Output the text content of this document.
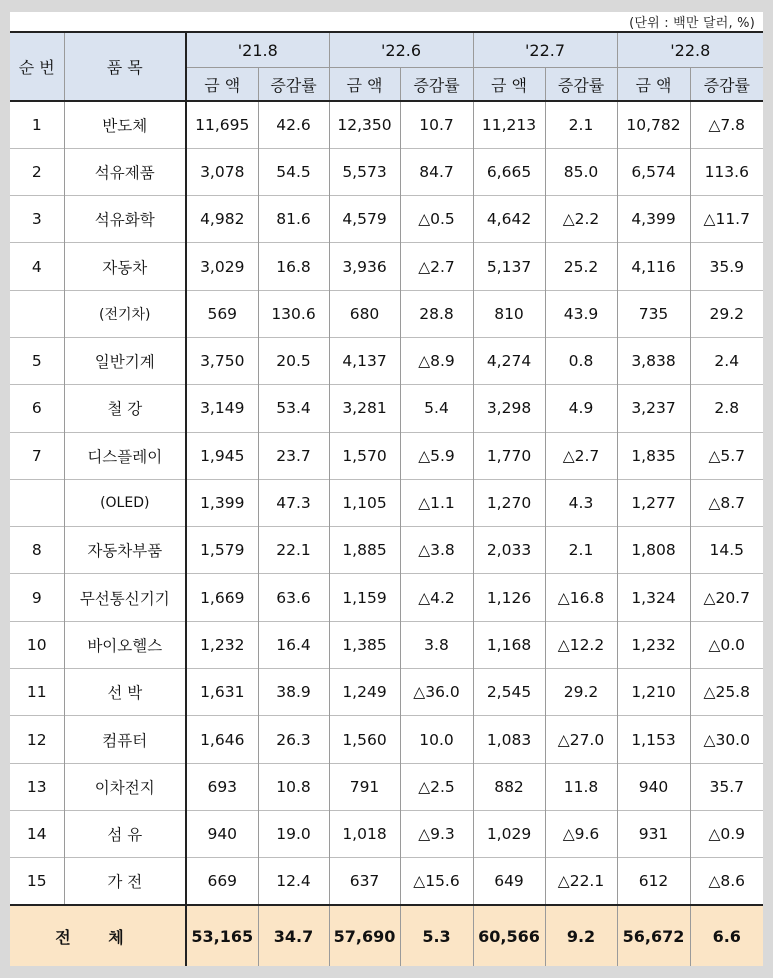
(단위 : 백만 달러, %)
순 번	품 목	'21.8		'22.6		'22.7		'22.8	
		금 액	증감률	금 액	증감률	금 액	증감률	금 액	증감률
1	반도체	11,695	42.6	12,350	10.7	11,213	2.1	10,782	△7.8
2	석유제품	3,078	54.5	5,573	84.7	6,665	85.0	6,574	113.6
3	석유화학	4,982	81.6	4,579	△0.5	4,642	△2.2	4,399	△11.7
4	자동차	3,029	16.8	3,936	△2.7	5,137	25.2	4,116	35.9
	(전기차)	569	130.6	680	28.8	810	43.9	735	29.2
5	일반기계	3,750	20.5	4,137	△8.9	4,274	0.8	3,838	2.4
6	철 강	3,149	53.4	3,281	5.4	3,298	4.9	3,237	2.8
7	디스플레이	1,945	23.7	1,570	△5.9	1,770	△2.7	1,835	△5.7
	(OLED)	1,399	47.3	1,105	△1.1	1,270	4.3	1,277	△8.7
8	자동차부품	1,579	22.1	1,885	△3.8	2,033	2.1	1,808	14.5
9	무선통신기기	1,669	63.6	1,159	△4.2	1,126	△16.8	1,324	△20.7
10	바이오헬스	1,232	16.4	1,385	3.8	1,168	△12.2	1,232	△0.0
11	선 박	1,631	38.9	1,249	△36.0	2,545	29.2	1,210	△25.8
12	컴퓨터	1,646	26.3	1,560	10.0	1,083	△27.0	1,153	△30.0
13	이차전지	693	10.8	791	△2.5	882	11.8	940	35.7
14	섬 유	940	19.0	1,018	△9.3	1,029	△9.6	931	△0.9
15	가 전	669	12.4	637	△15.6	649	△22.1	612	△8.6
전 체		53,165	34.7	57,690	5.3	60,566	9.2	56,672	6.6
